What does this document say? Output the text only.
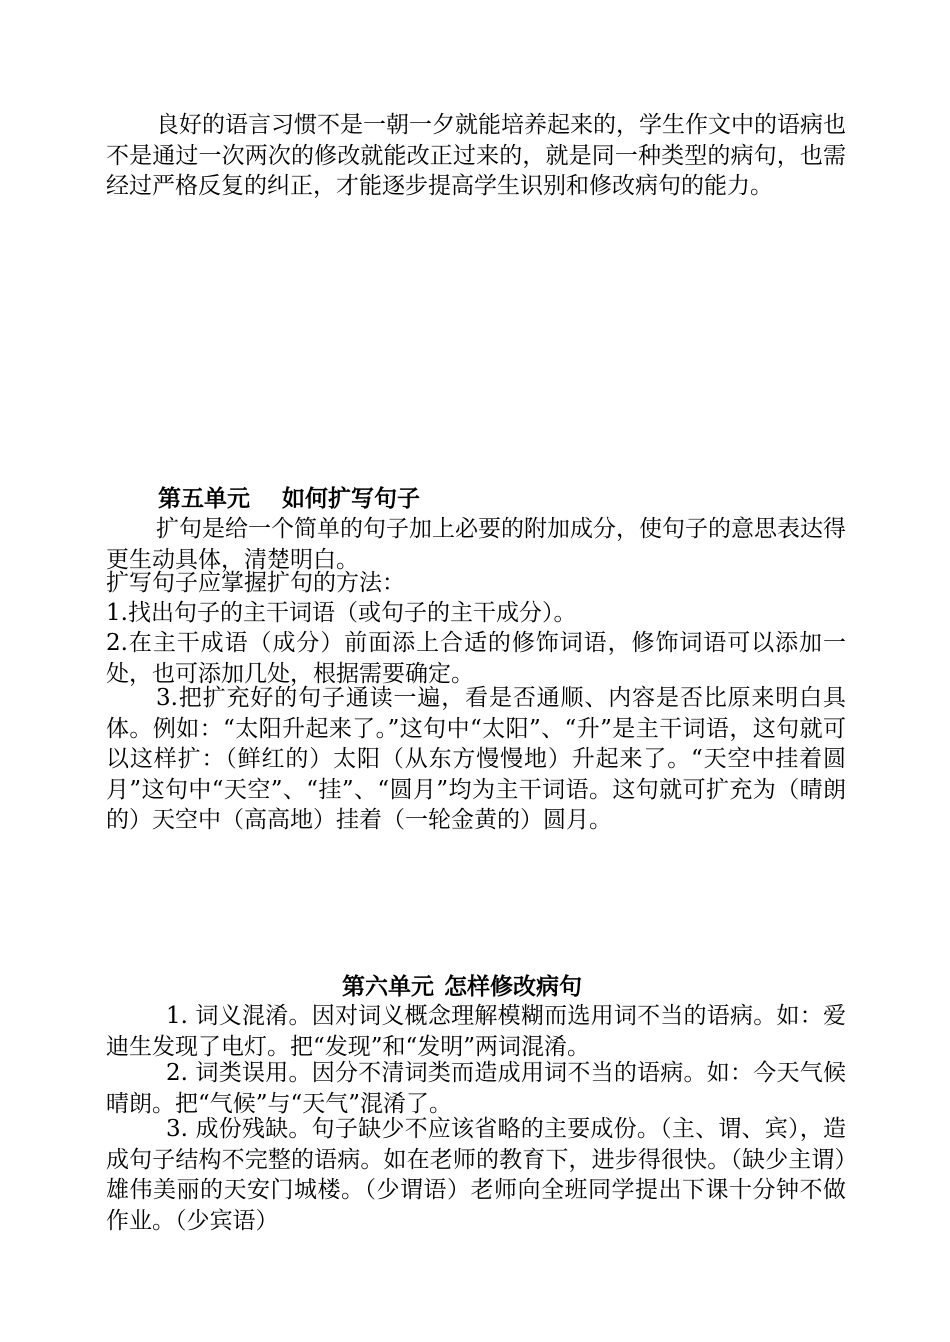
良好的语言习惯不是一朝一夕就能培养起来的，学生作文中的语病也不是通过一次两次的修改就能改正过来的，就是同一种类型的病句，也需经过严格反复的纠正，才能逐步提高学生识别和修改病句的能力。

第五单元 如何扩写句子

扩句是给一个简单的句子加上必要的附加成分，使句子的意思表达得更生动具体，清楚明白。

扩写句子应掌握扩句的方法：

1.找出句子的主干词语（或句子的主干成分）。

2.在主干成语（成分）前面添上合适的修饰词语，修饰词语可以添加一处，也可添加几处，根据需要确定。

3.把扩充好的句子通读一遍，看是否通顺、内容是否比原来明白具体。例如：“太阳升起来了。”这句中“太阳”、“升”是主干词语，这句就可以这样扩：（鲜红的）太阳（从东方慢慢地）升起来了。“天空中挂着圆月”这句中“天空”、“挂”、“圆月”均为主干词语。这句就可扩充为（晴朗的）天空中（高高地）挂着（一轮金黄的）圆月。

第六单元 怎样修改病句

1. 词义混淆。因对词义概念理解模糊而选用词不当的语病。如：爱迪生发现了电灯。把“发现”和“发明”两词混淆。

2. 词类误用。因分不清词类而造成用词不当的语病。如：今天气候晴朗。把“气候”与“天气”混淆了。

3. 成份残缺。句子缺少不应该省略的主要成份。（主、谓、宾），造成句子结构不完整的语病。如在老师的教育下，进步得很快。（缺少主谓）雄伟美丽的天安门城楼。（少谓语）老师向全班同学提出下课十分钟不做作业。（少宾语）
